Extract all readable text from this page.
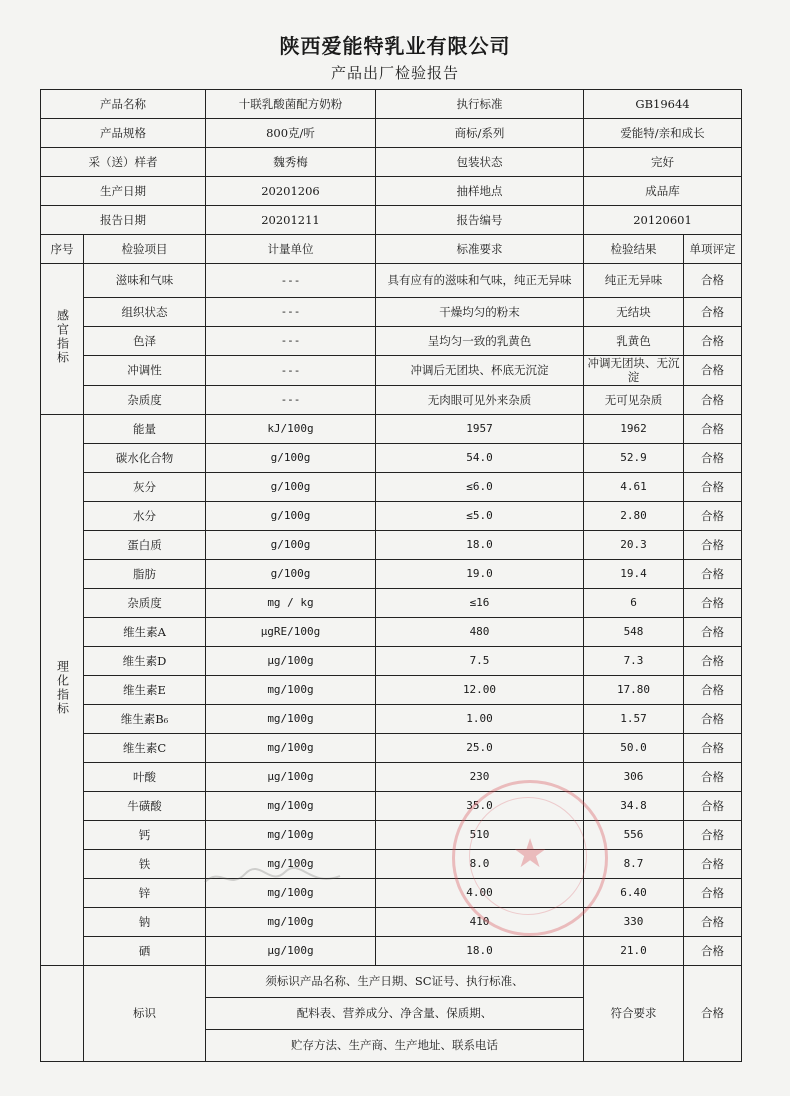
陕西爱能特乳业有限公司
产品出厂检验报告
产品名称		十联乳酸菌配方奶粉	执行标准	GB19644	
产品规格		800克/听	商标/系列	爱能特/亲和成长	
采（送）样者		魏秀梅	包装状态	完好	
生产日期		20201206	抽样地点	成品库	
报告日期		20201211	报告编号	20120601	
序号	检验项目	计量单位	标准要求	检验结果	单项评定
感官指标	滋味和气味	---	具有应有的滋味和气味，纯正无异味	纯正无异味	合格
	组织状态	---	干燥均匀的粉末	无结块	合格
	色泽	---	呈均匀一致的乳黄色	乳黄色	合格
	冲调性	---	冲调后无团块、杯底无沉淀	冲调无团块、无沉淀	合格
	杂质度	---	无肉眼可见外来杂质	无可见杂质	合格
理化指标	能量	kJ/100g	1957	1962	合格
	碳水化合物	g/100g	54.0	52.9	合格
	灰分	g/100g	≤6.0	4.61	合格
	水分	g/100g	≤5.0	2.80	合格
	蛋白质	g/100g	18.0	20.3	合格
	脂肪	g/100g	19.0	19.4	合格
	杂质度	mg / kg	≤16	6	合格
	维生素A	μgRE/100g	480	548	合格
	维生素D	μg/100g	7.5	7.3	合格
	维生素E	mg/100g	12.00	17.80	合格
	维生素B₆	mg/100g	1.00	1.57	合格
	维生素C	mg/100g	25.0	50.0	合格
	叶酸	μg/100g	230	306	合格
	牛磺酸	mg/100g	35.0	34.8	合格
	钙	mg/100g	510	556	合格
	铁	mg/100g	8.0	8.7	合格
	锌	mg/100g	4.00	6.40	合格
	钠	mg/100g	410	330	合格
	硒	μg/100g	18.0	21.0	合格
	标识	须标识产品名称、生产日期、SC证号、执行标准、		符合要求	合格
		配料表、营养成分、净含量、保质期、			
		贮存方法、生产商、生产地址、联系电话			
★
